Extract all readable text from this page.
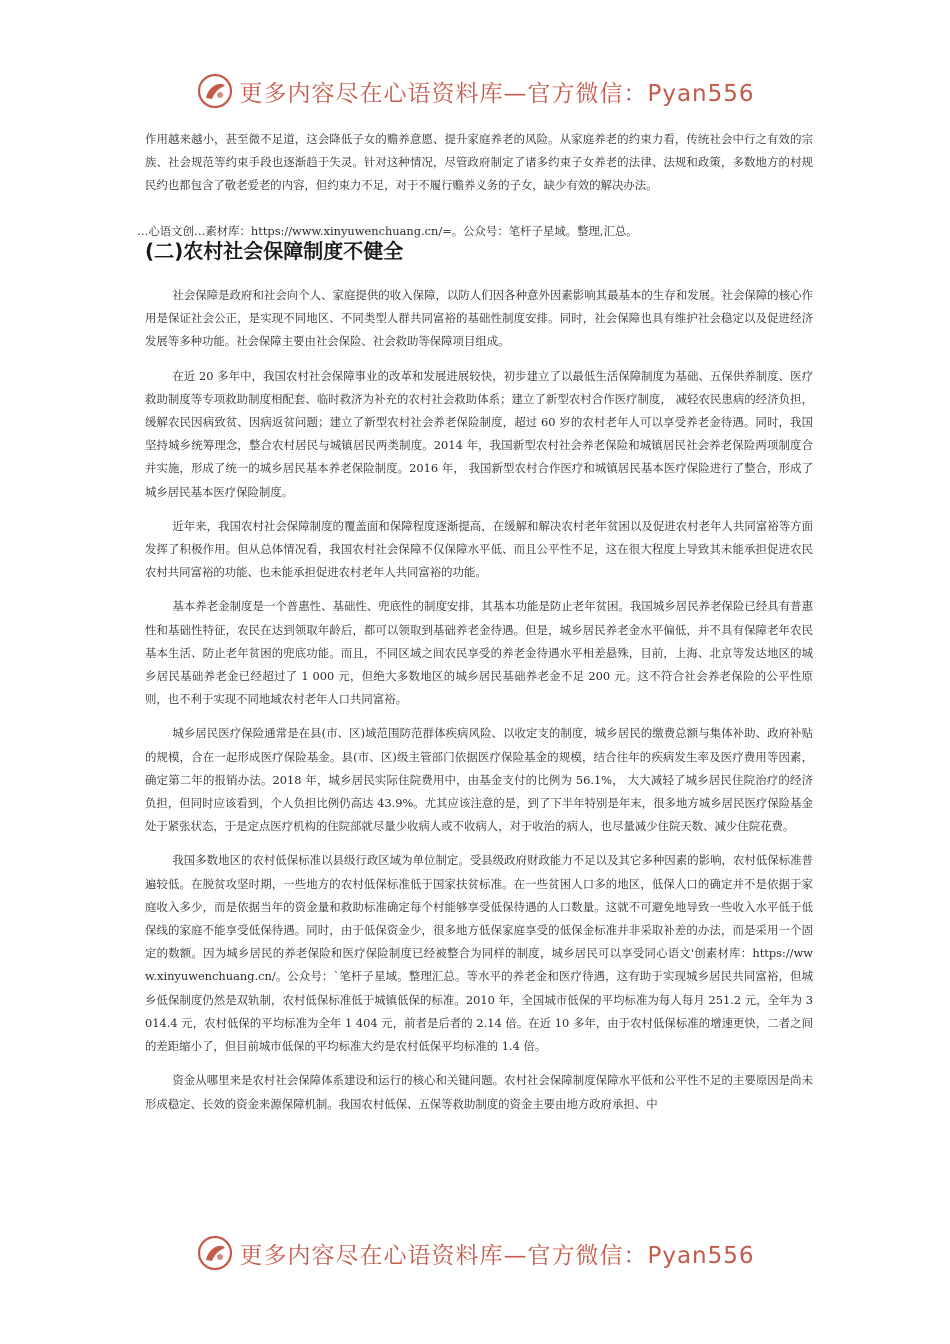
更多内容尽在心语资料库—官方微信：Pyan556

作用越来越小，甚至微不足道，这会降低子女的赡养意愿、提升家庭养老的风险。从家庭养老的约束力看，传统社会中行之有效的宗族、社会规范等约束手段也逐渐趋于失灵。针对这种情况，尽管政府制定了诸多约束子女养老的法律、法规和政策，多数地方的村规民约也都包含了敬老爱老的内容，但约束力不足，对于不履行赡养义务的子女，缺少有效的解决办法。

…心语文创…素材库：https://www.xinyuwenchuang.cn/=。公众号：笔杆子星域。整理,汇总。
(二)农村社会保障制度不健全

社会保障是政府和社会向个人、家庭提供的收入保障，以防人们因各种意外因素影响其最基本的生存和发展。社会保障的核心作用是保证社会公正，是实现不同地区、不同类型人群共同富裕的基础性制度安排。同时，社会保障也具有维护社会稳定以及促进经济发展等多种功能。社会保障主要由社会保险、社会救助等保障项目组成。

在近 20 多年中，我国农村社会保障事业的改革和发展进展较快，初步建立了以最低生活保障制度为基础、五保供养制度、医疗救助制度等专项救助制度相配套、临时救济为补充的农村社会救助体系；建立了新型农村合作医疗制度， 减轻农民患病的经济负担，缓解农民因病致贫、因病返贫问题；建立了新型农村社会养老保险制度，超过 60 岁的农村老年人可以享受养老金待遇。同时，我国坚持城乡统筹理念，整合农村居民与城镇居民两类制度。2014 年，我国新型农村社会养老保险和城镇居民社会养老保险两项制度合并实施，形成了统一的城乡居民基本养老保险制度。2016 年， 我国新型农村合作医疗和城镇居民基本医疗保险进行了整合，形成了城乡居民基本医疗保险制度。

近年来，我国农村社会保障制度的覆盖面和保障程度逐渐提高，在缓解和解决农村老年贫困以及促进农村老年人共同富裕等方面发挥了积极作用。但从总体情况看，我国农村社会保障不仅保障水平低、而且公平性不足，这在很大程度上导致其未能承担促进农民农村共同富裕的功能、也未能承担促进农村老年人共同富裕的功能。

基本养老金制度是一个普惠性、基础性、兜底性的制度安排，其基本功能是防止老年贫困。我国城乡居民养老保险已经具有普惠性和基础性特征，农民在达到领取年龄后，都可以领取到基础养老金待遇。但是，城乡居民养老金水平偏低，并不具有保障老年农民基本生活、防止老年贫困的兜底功能。而且，不同区域之间农民享受的养老金待遇水平相差悬殊，目前，上海、北京等发达地区的城乡居民基础养老金已经超过了 1 000 元，但绝大多数地区的城乡居民基础养老金不足 200 元。这不符合社会养老保险的公平性原则，也不利于实现不同地域农村老年人口共同富裕。

城乡居民医疗保险通常是在县(市、区)域范围防范群体疾病风险、以收定支的制度，城乡居民的缴费总额与集体补助、政府补贴的规模，合在一起形成医疗保险基金。县(市、区)级主管部门依据医疗保险基金的规模，结合往年的疾病发生率及医疗费用等因素，确定第二年的报销办法。2018 年，城乡居民实际住院费用中，由基金支付的比例为 56.1%， 大大减轻了城乡居民住院治疗的经济负担，但同时应该看到，个人负担比例仍高达 43.9%。尤其应该注意的是，到了下半年特别是年末，很多地方城乡居民医疗保险基金处于紧张状态，于是定点医疗机构的住院部就尽量少收病人或不收病人，对于收治的病人，也尽量减少住院天数、减少住院花费。

我国多数地区的农村低保标准以县级行政区域为单位制定。受县级政府财政能力不足以及其它多种因素的影响，农村低保标准普遍较低。在脱贫攻坚时期，一些地方的农村低保标准低于国家扶贫标准。在一些贫困人口多的地区，低保人口的确定并不是依据于家庭收入多少，而是依据当年的资金量和救助标准确定每个村能够享受低保待遇的人口数量。这就不可避免地导致一些收入水平低于低保线的家庭不能享受低保待遇。同时，由于低保资金少，很多地方低保家庭享受的低保金标准并非采取补差的办法，而是采用一个固定的数额。因为城乡居民的养老保险和医疗保险制度已经被整合为同样的制度，城乡居民可以享受同心语文'创素材库：https://www.xinyuwenchuang.cn/。公众号：`笔杆子星域。整理汇总。等水平的养老金和医疗待遇，这有助于实现城乡居民共同富裕，但城乡低保制度仍然是双轨制，农村低保标准低于城镇低保的标准。2010 年，全国城市低保的平均标准为每人每月 251.2 元，全年为 3 014.4 元，农村低保的平均标准为全年 1 404 元，前者是后者的 2.14 倍。在近 10 多年，由于农村低保标准的增速更快，二者之间的差距缩小了，但目前城市低保的平均标准大约是农村低保平均标准的 1.4 倍。

资金从哪里来是农村社会保障体系建设和运行的核心和关键问题。农村社会保障制度保障水平低和公平性不足的主要原因是尚未形成稳定、长效的资金来源保障机制。我国农村低保、五保等救助制度的资金主要由地方政府承担、中

更多内容尽在心语资料库—官方微信：Pyan556
